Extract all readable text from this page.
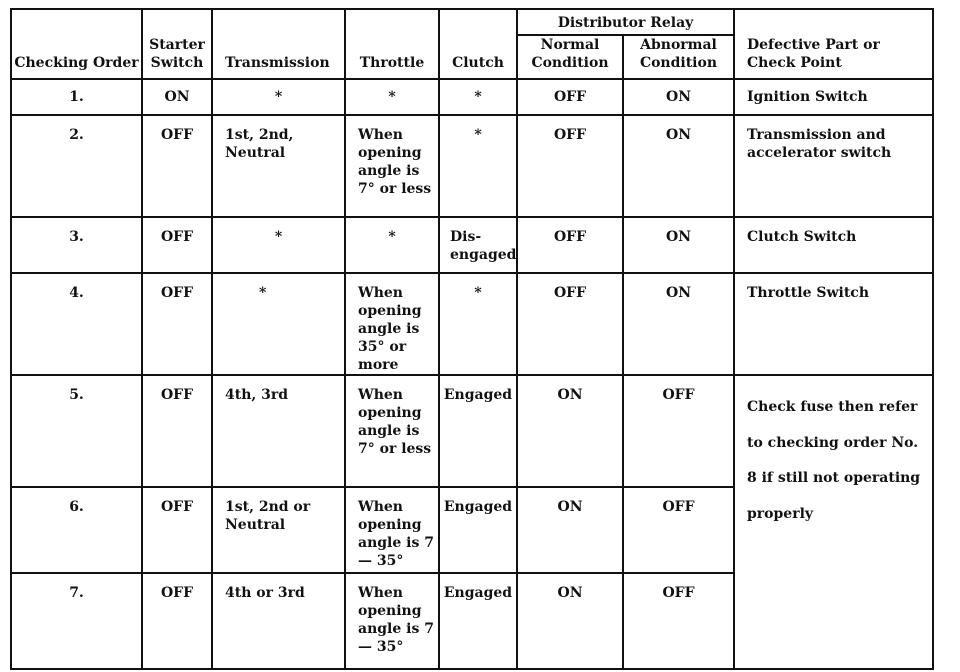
Checking Order	Starter Switch	Transmission	Throttle	Clutch	Distributor Relay		Defective Part or Check Point
					Normal Condition	Abnormal Condition	
1.	ON	*	*	*	OFF	ON	Ignition Switch
2.	OFF	1st, 2nd, Neutral	When opening angle is 7° or less	*	OFF	ON	Transmission and accelerator switch
3.	OFF	*	*	Dis-engaged	OFF	ON	Clutch Switch
4.	OFF	*	When opening angle is 35° or more	*	OFF	ON	Throttle Switch
5.	OFF	4th, 3rd	When opening angle is 7° or less	Engaged	ON	OFF	Check fuse then refer to checking order No. 8 if still not operating properly
6.	OFF	1st, 2nd or Neutral	When opening angle is 7 — 35°	Engaged	ON	OFF	
7.	OFF	4th or 3rd	When opening angle is 7 — 35°	Engaged	ON	OFF	
